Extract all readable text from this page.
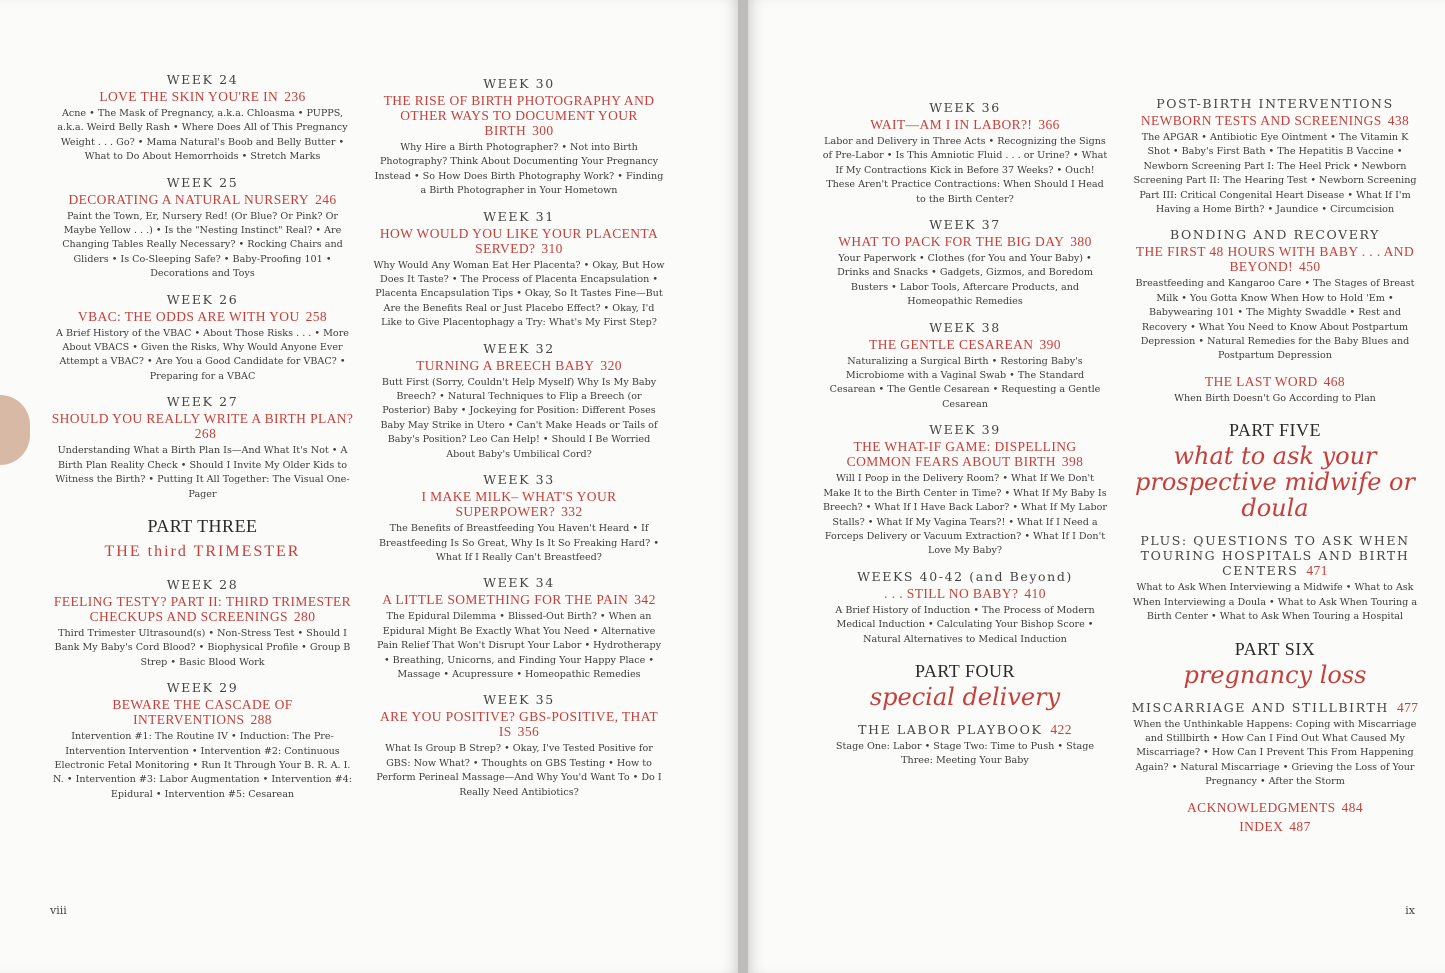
WEEK 24
LOVE THE SKIN YOU'RE IN 236
Acne • The Mask of Pregnancy, a.k.a. Chloasma • PUPPS, a.k.a. Weird Belly Rash • Where Does All of This Pregnancy Weight . . . Go? • Mama Natural's Boob and Belly Butter • What to Do About Hemorrhoids • Stretch Marks
WEEK 25
DECORATING A NATURAL NURSERY 246
Paint the Town, Er, Nursery Red! (Or Blue? Or Pink? Or Maybe Yellow . . .) • Is the "Nesting Instinct" Real? • Are Changing Tables Really Necessary? • Rocking Chairs and Gliders • Is Co-Sleeping Safe? • Baby-Proofing 101 • Decorations and Toys
WEEK 26
VBAC: THE ODDS ARE WITH YOU 258
A Brief History of the VBAC • About Those Risks . . . • More About VBACS • Given the Risks, Why Would Anyone Ever Attempt a VBAC? • Are You a Good Candidate for VBAC? • Preparing for a VBAC
WEEK 27
SHOULD YOU REALLY WRITE A BIRTH PLAN?268
Understanding What a Birth Plan Is—And What It's Not • A Birth Plan Reality Check • Should I Invite My Older Kids to Witness the Birth? • Putting It All Together: The Visual One-Pager
PART THREE
THE third TRIMESTER
WEEK 28
FEELING TESTY? PART II: THIRD TRIMESTER CHECKUPS AND SCREENINGS 280
Third Trimester Ultrasound(s) • Non-Stress Test • Should I Bank My Baby's Cord Blood? • Biophysical Profile • Group B Strep • Basic Blood Work
WEEK 29
BEWARE THE CASCADE OF INTERVENTIONS 288
Intervention #1: The Routine IV • Induction: The Pre-Intervention Intervention • Intervention #2: Continuous Electronic Fetal Monitoring • Run It Through Your B. R. A. I. N. • Intervention #3: Labor Augmentation • Intervention #4: Epidural • Intervention #5: Cesarean
WEEK 30
THE RISE OF BIRTH PHOTOGRAPHY AND OTHER WAYS TO DOCUMENT YOUR BIRTH 300
Why Hire a Birth Photographer? • Not into Birth Photography? Think About Documenting Your Pregnancy Instead • So How Does Birth Photography Work? • Finding a Birth Photographer in Your Hometown
WEEK 31
HOW WOULD YOU LIKE YOUR PLACENTA SERVED? 310
Why Would Any Woman Eat Her Placenta? • Okay, But How Does It Taste? • The Process of Placenta Encapsulation • Placenta Encapsulation Tips • Okay, So It Tastes Fine—But Are the Benefits Real or Just Placebo Effect? • Okay, I'd Like to Give Placentophagy a Try: What's My First Step?
WEEK 32
TURNING A BREECH BABY 320
Butt First (Sorry, Couldn't Help Myself) Why Is My Baby Breech? • Natural Techniques to Flip a Breech (or Posterior) Baby • Jockeying for Position: Different Poses Baby May Strike in Utero • Can't Make Heads or Tails of Baby's Position? Leo Can Help! • Should I Be Worried About Baby's Umbilical Cord?
WEEK 33
I MAKE MILK– WHAT'S YOUR SUPERPOWER? 332
The Benefits of Breastfeeding You Haven't Heard • If Breastfeeding Is So Great, Why Is It So Freaking Hard? • What If I Really Can't Breastfeed?
WEEK 34
A LITTLE SOMETHING FOR THE PAIN 342
The Epidural Dilemma • Blissed-Out Birth? • When an Epidural Might Be Exactly What You Need • Alternative Pain Relief That Won't Disrupt Your Labor • Hydrotherapy • Breathing, Unicorns, and Finding Your Happy Place • Massage • Acupressure • Homeopathic Remedies
WEEK 35
ARE YOU POSITIVE? GBS-POSITIVE, THAT IS 356
What Is Group B Strep? • Okay, I've Tested Positive for GBS: Now What? • Thoughts on GBS Testing • How to Perform Perineal Massage—And Why You'd Want To • Do I Really Need Antibiotics?
viii
WEEK 36
WAIT—AM I IN LABOR?! 366
Labor and Delivery in Three Acts • Recognizing the Signs of Pre-Labor • Is This Amniotic Fluid . . . or Urine? • What If My Contractions Kick in Before 37 Weeks? • Ouch! These Aren't Practice Contractions: When Should I Head to the Birth Center?
WEEK 37
WHAT TO PACK FOR THE BIG DAY 380
Your Paperwork • Clothes (for You and Your Baby) • Drinks and Snacks • Gadgets, Gizmos, and Boredom Busters • Labor Tools, Aftercare Products, and Homeopathic Remedies
WEEK 38
THE GENTLE CESAREAN 390
Naturalizing a Surgical Birth • Restoring Baby's Microbiome with a Vaginal Swab • The Standard Cesarean • The Gentle Cesarean • Requesting a Gentle Cesarean
WEEK 39
THE WHAT-IF GAME: DISPELLING COMMON FEARS ABOUT BIRTH 398
Will I Poop in the Delivery Room? • What If We Don't Make It to the Birth Center in Time? • What If My Baby Is Breech? • What If I Have Back Labor? • What If My Labor Stalls? • What If My Vagina Tears?! • What If I Need a Forceps Delivery or Vacuum Extraction? • What If I Don't Love My Baby?
WEEKS 40-42 (and Beyond)
. . . STILL NO BABY? 410
A Brief History of Induction • The Process of Modern Medical Induction • Calculating Your Bishop Score • Natural Alternatives to Medical Induction
PART FOUR
special delivery
THE LABOR PLAYBOOK 422
Stage One: Labor • Stage Two: Time to Push • Stage Three: Meeting Your Baby
POST-BIRTH INTERVENTIONS
NEWBORN TESTS AND SCREENINGS 438
The APGAR • Antibiotic Eye Ointment • The Vitamin K Shot • Baby's First Bath • The Hepatitis B Vaccine • Newborn Screening Part I: The Heel Prick • Newborn Screening Part II: The Hearing Test • Newborn Screening Part III: Critical Congenital Heart Disease • What If I'm Having a Home Birth? • Jaundice • Circumcision
BONDING AND RECOVERY
THE FIRST 48 HOURS WITH BABY . . . AND BEYOND! 450
Breastfeeding and Kangaroo Care • The Stages of Breast Milk • You Gotta Know When How to Hold 'Em • Babywearing 101 • The Mighty Swaddle • Rest and Recovery • What You Need to Know About Postpartum Depression • Natural Remedies for the Baby Blues and Postpartum Depression
THE LAST WORD 468
When Birth Doesn't Go According to Plan
PART FIVE
what to ask your prospective midwife or doula
PLUS: QUESTIONS TO ASK WHEN TOURING HOSPITALS AND BIRTH CENTERS 471
What to Ask When Interviewing a Midwife • What to Ask When Interviewing a Doula • What to Ask When Touring a Birth Center • What to Ask When Touring a Hospital
PART SIX
pregnancy loss
MISCARRIAGE AND STILLBIRTH 477
When the Unthinkable Happens: Coping with Miscarriage and Stillbirth • How Can I Find Out What Caused My Miscarriage? • How Can I Prevent This From Happening Again? • Natural Miscarriage • Grieving the Loss of Your Pregnancy • After the Storm
ACKNOWLEDGMENTS 484
INDEX 487
ix
